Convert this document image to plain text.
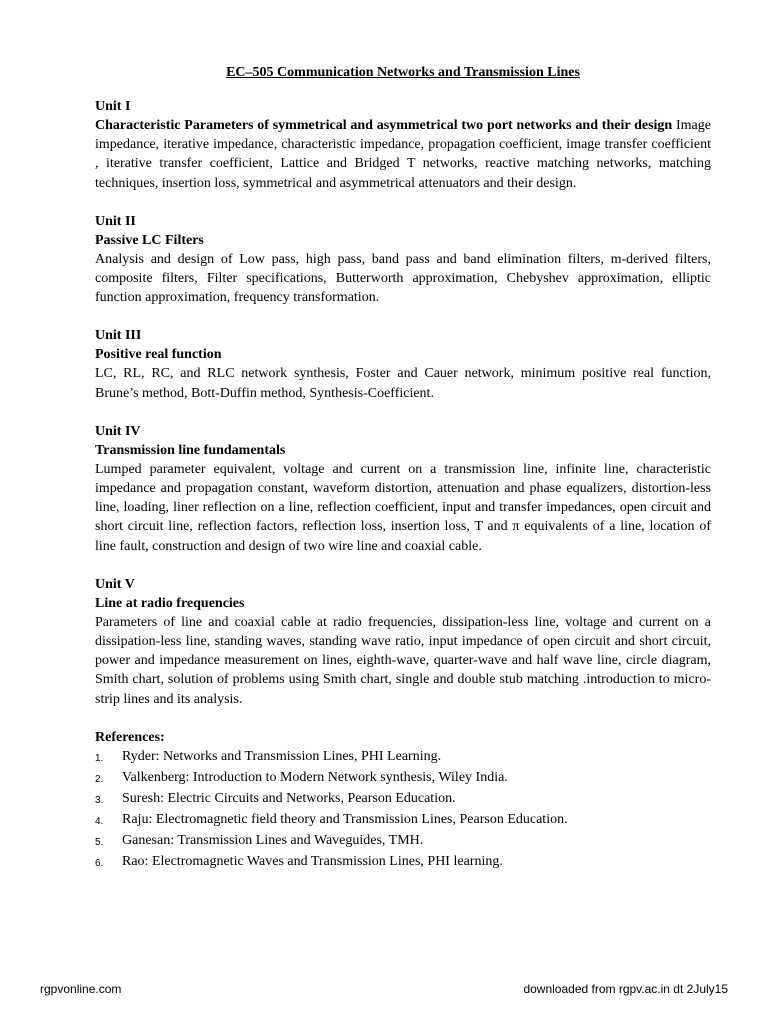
EC–505 Communication Networks and Transmission Lines
Unit I
Characteristic Parameters of symmetrical and asymmetrical two port networks and their design Image impedance, iterative impedance, characteristic impedance, propagation coefficient, image transfer coefficient , iterative transfer coefficient, Lattice and Bridged T networks, reactive matching networks, matching techniques, insertion loss, symmetrical and asymmetrical attenuators and their design.
Unit II
Passive LC Filters
Analysis and design of Low pass, high pass, band pass and band elimination filters, m-derived filters, composite filters, Filter specifications, Butterworth approximation, Chebyshev approximation, elliptic function approximation, frequency transformation.
Unit III
Positive real function
LC, RL, RC, and RLC network synthesis, Foster and Cauer network, minimum positive real function, Brune’s method, Bott-Duffin method, Synthesis-Coefficient.
Unit IV
Transmission line fundamentals
Lumped parameter equivalent, voltage and current on a transmission line, infinite line, characteristic impedance and propagation constant, waveform distortion, attenuation and phase equalizers, distortion-less line, loading, liner reflection on a line, reflection coefficient, input and transfer impedances, open circuit and short circuit line, reflection factors, reflection loss, insertion loss, T and π equivalents of a line, location of line fault, construction and design of two wire line and coaxial cable.
Unit V
Line at radio frequencies
Parameters of line and coaxial cable at radio frequencies, dissipation-less line, voltage and current on a dissipation-less line, standing waves, standing wave ratio, input impedance of open circuit and short circuit, power and impedance measurement on lines, eighth-wave, quarter-wave and half wave line, circle diagram, Smith chart, solution of problems using Smith chart, single and double stub matching .introduction to micro- strip lines and its analysis.
References:
1.	Ryder: Networks and Transmission Lines, PHI Learning.
2.	Valkenberg: Introduction to Modern Network synthesis, Wiley India.
3.	Suresh: Electric Circuits and Networks, Pearson Education.
4.	Raju: Electromagnetic field theory and Transmission Lines, Pearson Education.
5.	Ganesan: Transmission Lines and Waveguides, TMH.
6.	Rao: Electromagnetic Waves and Transmission Lines, PHI learning.
rgpvonline.com	downloaded from rgpv.ac.in dt 2July15
